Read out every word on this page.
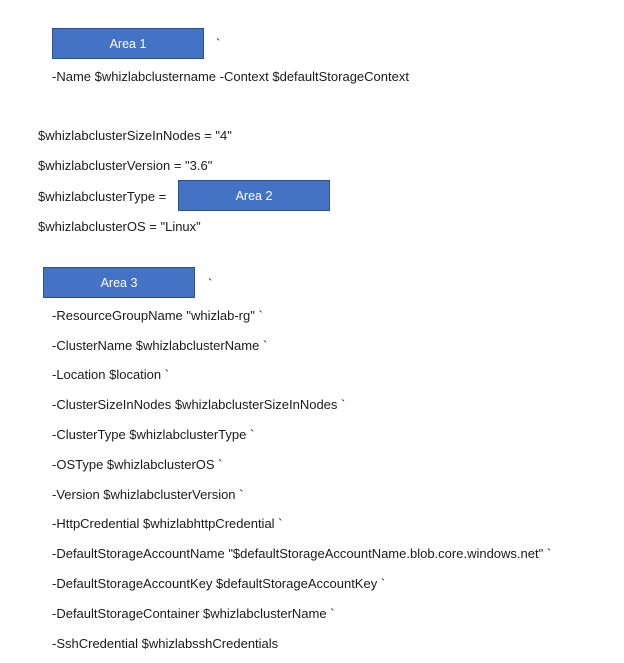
Area 1	`
-Name $whizlabclustername -Context $defaultStorageContext
$whizlabclusterSizeInNodes = "4"
$whizlabclusterVersion = "3.6"
$whizlabclusterType =	Area 2
$whizlabclusterOS = "Linux"
Area 3	`
-ResourceGroupName "whizlab-rg" `
-ClusterName $whizlabclusterName `
-Location $location `
-ClusterSizeInNodes $whizlabclusterSizeInNodes `
-ClusterType $whizlabclusterType `
-OSType $whizlabclusterOS `
-Version $whizlabclusterVersion `
-HttpCredential $whizlabhttpCredential `
-DefaultStorageAccountName "$defaultStorageAccountName.blob.core.windows.net" `
-DefaultStorageAccountKey $defaultStorageAccountKey `
-DefaultStorageContainer $whizlabclusterName `
-SshCredential $whizlabsshCredentials
